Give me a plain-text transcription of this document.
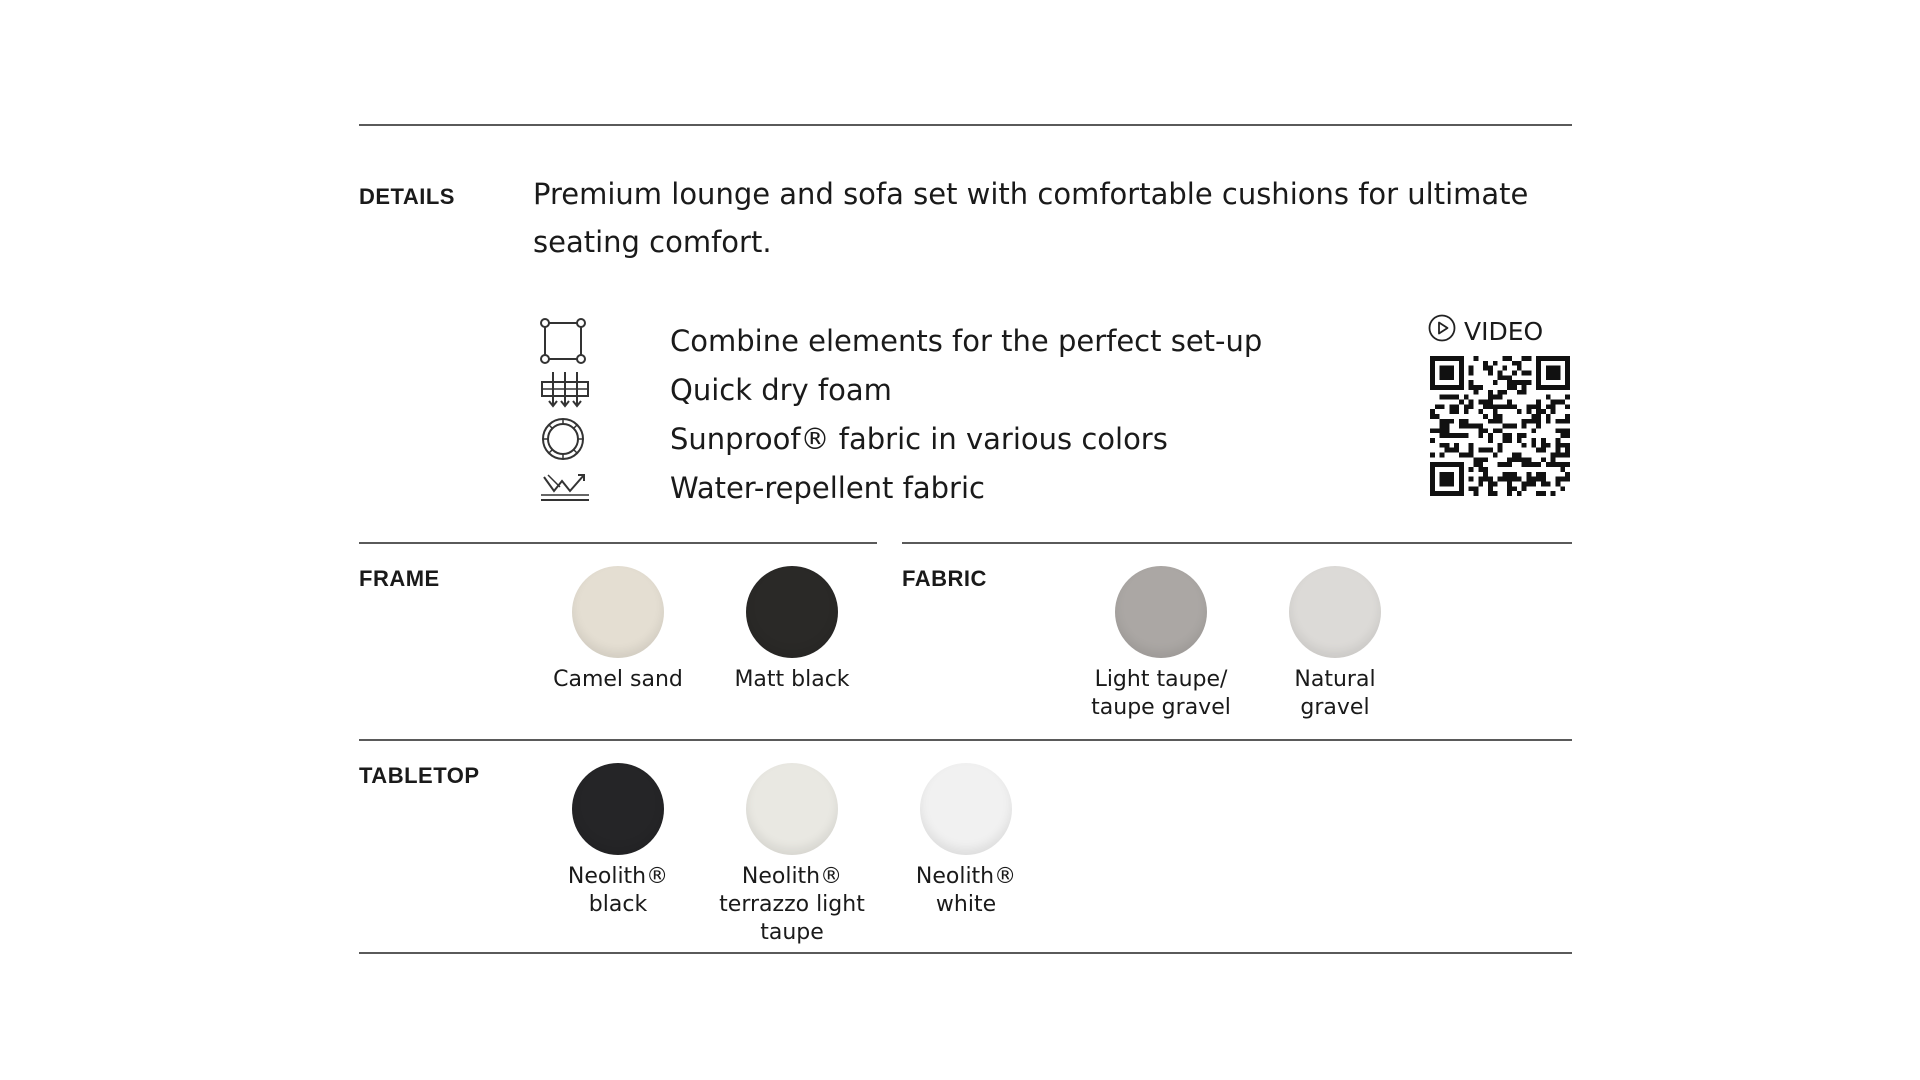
DETAILS	Premium lounge and sofa set with comfortable cushions for ultimate seating comfort.

Combine elements for the perfect set-up
Quick dry foam
Sunproof® fabric in various colors
Water-repellent fabric
VIDEO
FRAME
Camel sand	Matt black
FABRIC
Light taupe/
taupe gravel
Natural
gravel
TABLETOP
Neolith®
black
Neolith®
terrazzo light
taupe
Neolith®
white
